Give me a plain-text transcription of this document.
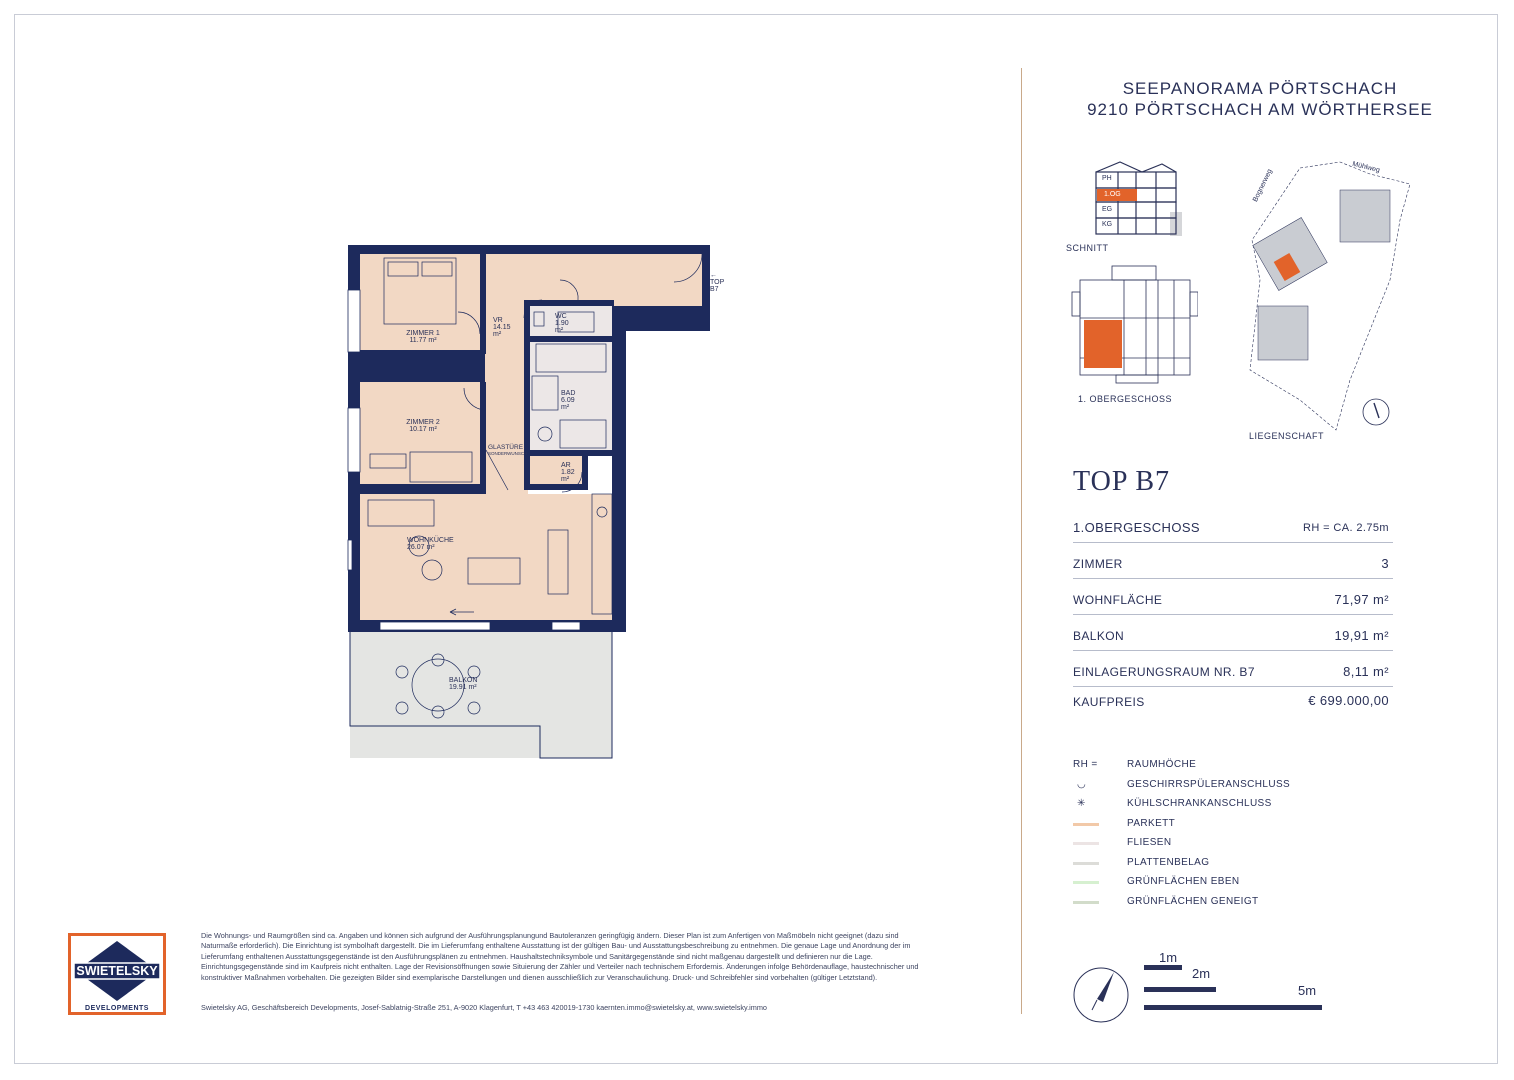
ZIMMER 1
11.77 m²
VR
14.15 m²
WC
1.90 m²
BAD
6.09 m²
ZIMMER 2
10.17 m²
AR
1.82 m²
WOHNKÜCHE
26.07 m²
BALKON
19.91 m²
GLASTÜRE
SONDERWUNSCH
← TOP B7
SEEPANORAMA PÖRTSCHACH
9210 PÖRTSCHACH AM WÖRTHERSEE
PH
1.OG
EG
KG
SCHNITT
1. OBERGESCHOSS
Bognerweg
Mühlweg
LIEGENSCHAFT
TOP B7
1.OBERGESCHOSS	RH = CA. 2.75m
ZIMMER	3
WOHNFLÄCHE	71,97 m²
BALKON	19,91 m²
EINLAGERUNGSRAUM NR. B7	8,11 m²
KAUFPREIS	€ 699.000,00
RH =	RAUMHÖCHE
◡	GESCHIRRSPÜLERANSCHLUSS
✳	KÜHLSCHRANKANSCHLUSS
PARKETT
FLIESEN
PLATTENBELAG
GRÜNFLÄCHEN EBEN
GRÜNFLÄCHEN GENEIGT
1m
2m
5m
SWIETELSKY
DEVELOPMENTS
Die Wohnungs- und Raumgrößen sind ca. Angaben und können sich aufgrund der Ausführungsplanungund Bautoleranzen geringfügig ändern. Dieser Plan ist zum Anfertigen von Maßmöbeln nicht geeignet (dazu sind Naturmaße erforderlich). Die Einrichtung ist symbolhaft dargestellt. Die im Lieferumfang enthaltene Ausstattung ist der gültigen Bau- und Ausstattungsbeschreibung zu entnehmen. Die genaue Lage und Anordnung der im Lieferumfang enthaltenen Ausstattungsgegenstände ist den Ausführungsplänen zu entnehmen. Haushaltstechniksymbole und Sanitärgegenstände sind nicht maßgenau dargestellt und definieren nur die Lage. Einrichtungsgegenstände sind im Kaufpreis nicht enthalten. Lage der Revisionsöffnungen sowie Situierung der Zähler und Verteiler nach technischem Erfordernis. Änderungen infolge Behördenauflage, haustechnischer und konstruktiver Maßnahmen vorbehalten. Die gezeigten Bilder sind exemplarische Darstellungen und dienen ausschließlich zur Veranschaulichung. Druck- und Schreibfehler sind vorbehalten (gültiger Letztstand).
Swietelsky AG, Geschäftsbereich Developments, Josef-Sablatnig-Straße 251, A-9020 Klagenfurt, T +43 463 420019-1730 kaernten.immo@swietelsky.at, www.swietelsky.immo
